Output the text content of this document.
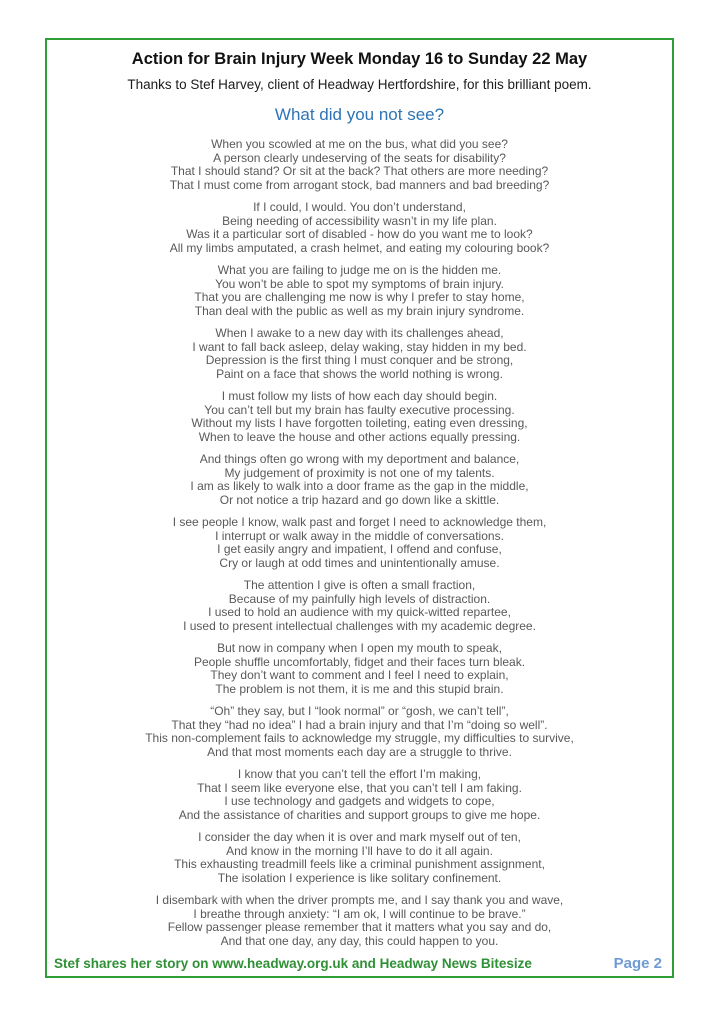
Action for Brain Injury Week Monday 16 to Sunday 22 May
Thanks to Stef Harvey, client of Headway Hertfordshire, for this brilliant poem.
What did you not see?

When you scowled at me on the bus, what did you see?

A person clearly undeserving of the seats for disability?

That I should stand? Or sit at the back? That others are more needing?

That I must come from arrogant stock, bad manners and bad breeding?

If I could, I would. You don’t understand,

Being needing of accessibility wasn’t in my life plan.

Was it a particular sort of disabled - how do you want me to look?

All my limbs amputated, a crash helmet, and eating my colouring book?

What you are failing to judge me on is the hidden me.

You won’t be able to spot my symptoms of brain injury.

That you are challenging me now is why I prefer to stay home,

Than deal with the public as well as my brain injury syndrome.

When I awake to a new day with its challenges ahead,

I want to fall back asleep, delay waking, stay hidden in my bed.

Depression is the first thing I must conquer and be strong,

Paint on a face that shows the world nothing is wrong.

I must follow my lists of how each day should begin.

You can’t tell but my brain has faulty executive processing.

Without my lists I have forgotten toileting, eating even dressing,

When to leave the house and other actions equally pressing.

And things often go wrong with my deportment and balance,

My judgement of proximity is not one of my talents.

I am as likely to walk into a door frame as the gap in the middle,

Or not notice a trip hazard and go down like a skittle.

I see people I know, walk past and forget I need to acknowledge them,

I interrupt or walk away in the middle of conversations.

I get easily angry and impatient, I offend and confuse,

Cry or laugh at odd times and unintentionally amuse.

The attention I give is often a small fraction,

Because of my painfully high levels of distraction.

I used to hold an audience with my quick-witted repartee,

I used to present intellectual challenges with my academic degree.

But now in company when I open my mouth to speak,

People shuffle uncomfortably, fidget and their faces turn bleak.

They don’t want to comment and I feel I need to explain,

The problem is not them, it is me and this stupid brain.

“Oh” they say, but I “look normal” or “gosh, we can’t tell”,

That they “had no idea” I had a brain injury and that I’m “doing so well”.

This non-complement fails to acknowledge my struggle, my difficulties to survive,

And that most moments each day are a struggle to thrive.

I know that you can’t tell the effort I’m making,

That I seem like everyone else, that you can’t tell I am faking.

I use technology and gadgets and widgets to cope,

And the assistance of charities and support groups to give me hope.

I consider the day when it is over and mark myself out of ten,

And know in the morning I’ll have to do it all again.

This exhausting treadmill feels like a criminal punishment assignment,

The isolation I experience is like solitary confinement.

I disembark with when the driver prompts me, and I say thank you and wave,

I breathe through anxiety: “I am ok, I will continue to be brave.”

Fellow passenger please remember that it matters what you say and do,

And that one day, any day, this could happen to you.

Stef shares her story on www.headway.org.uk and Headway News Bitesize	Page 2
